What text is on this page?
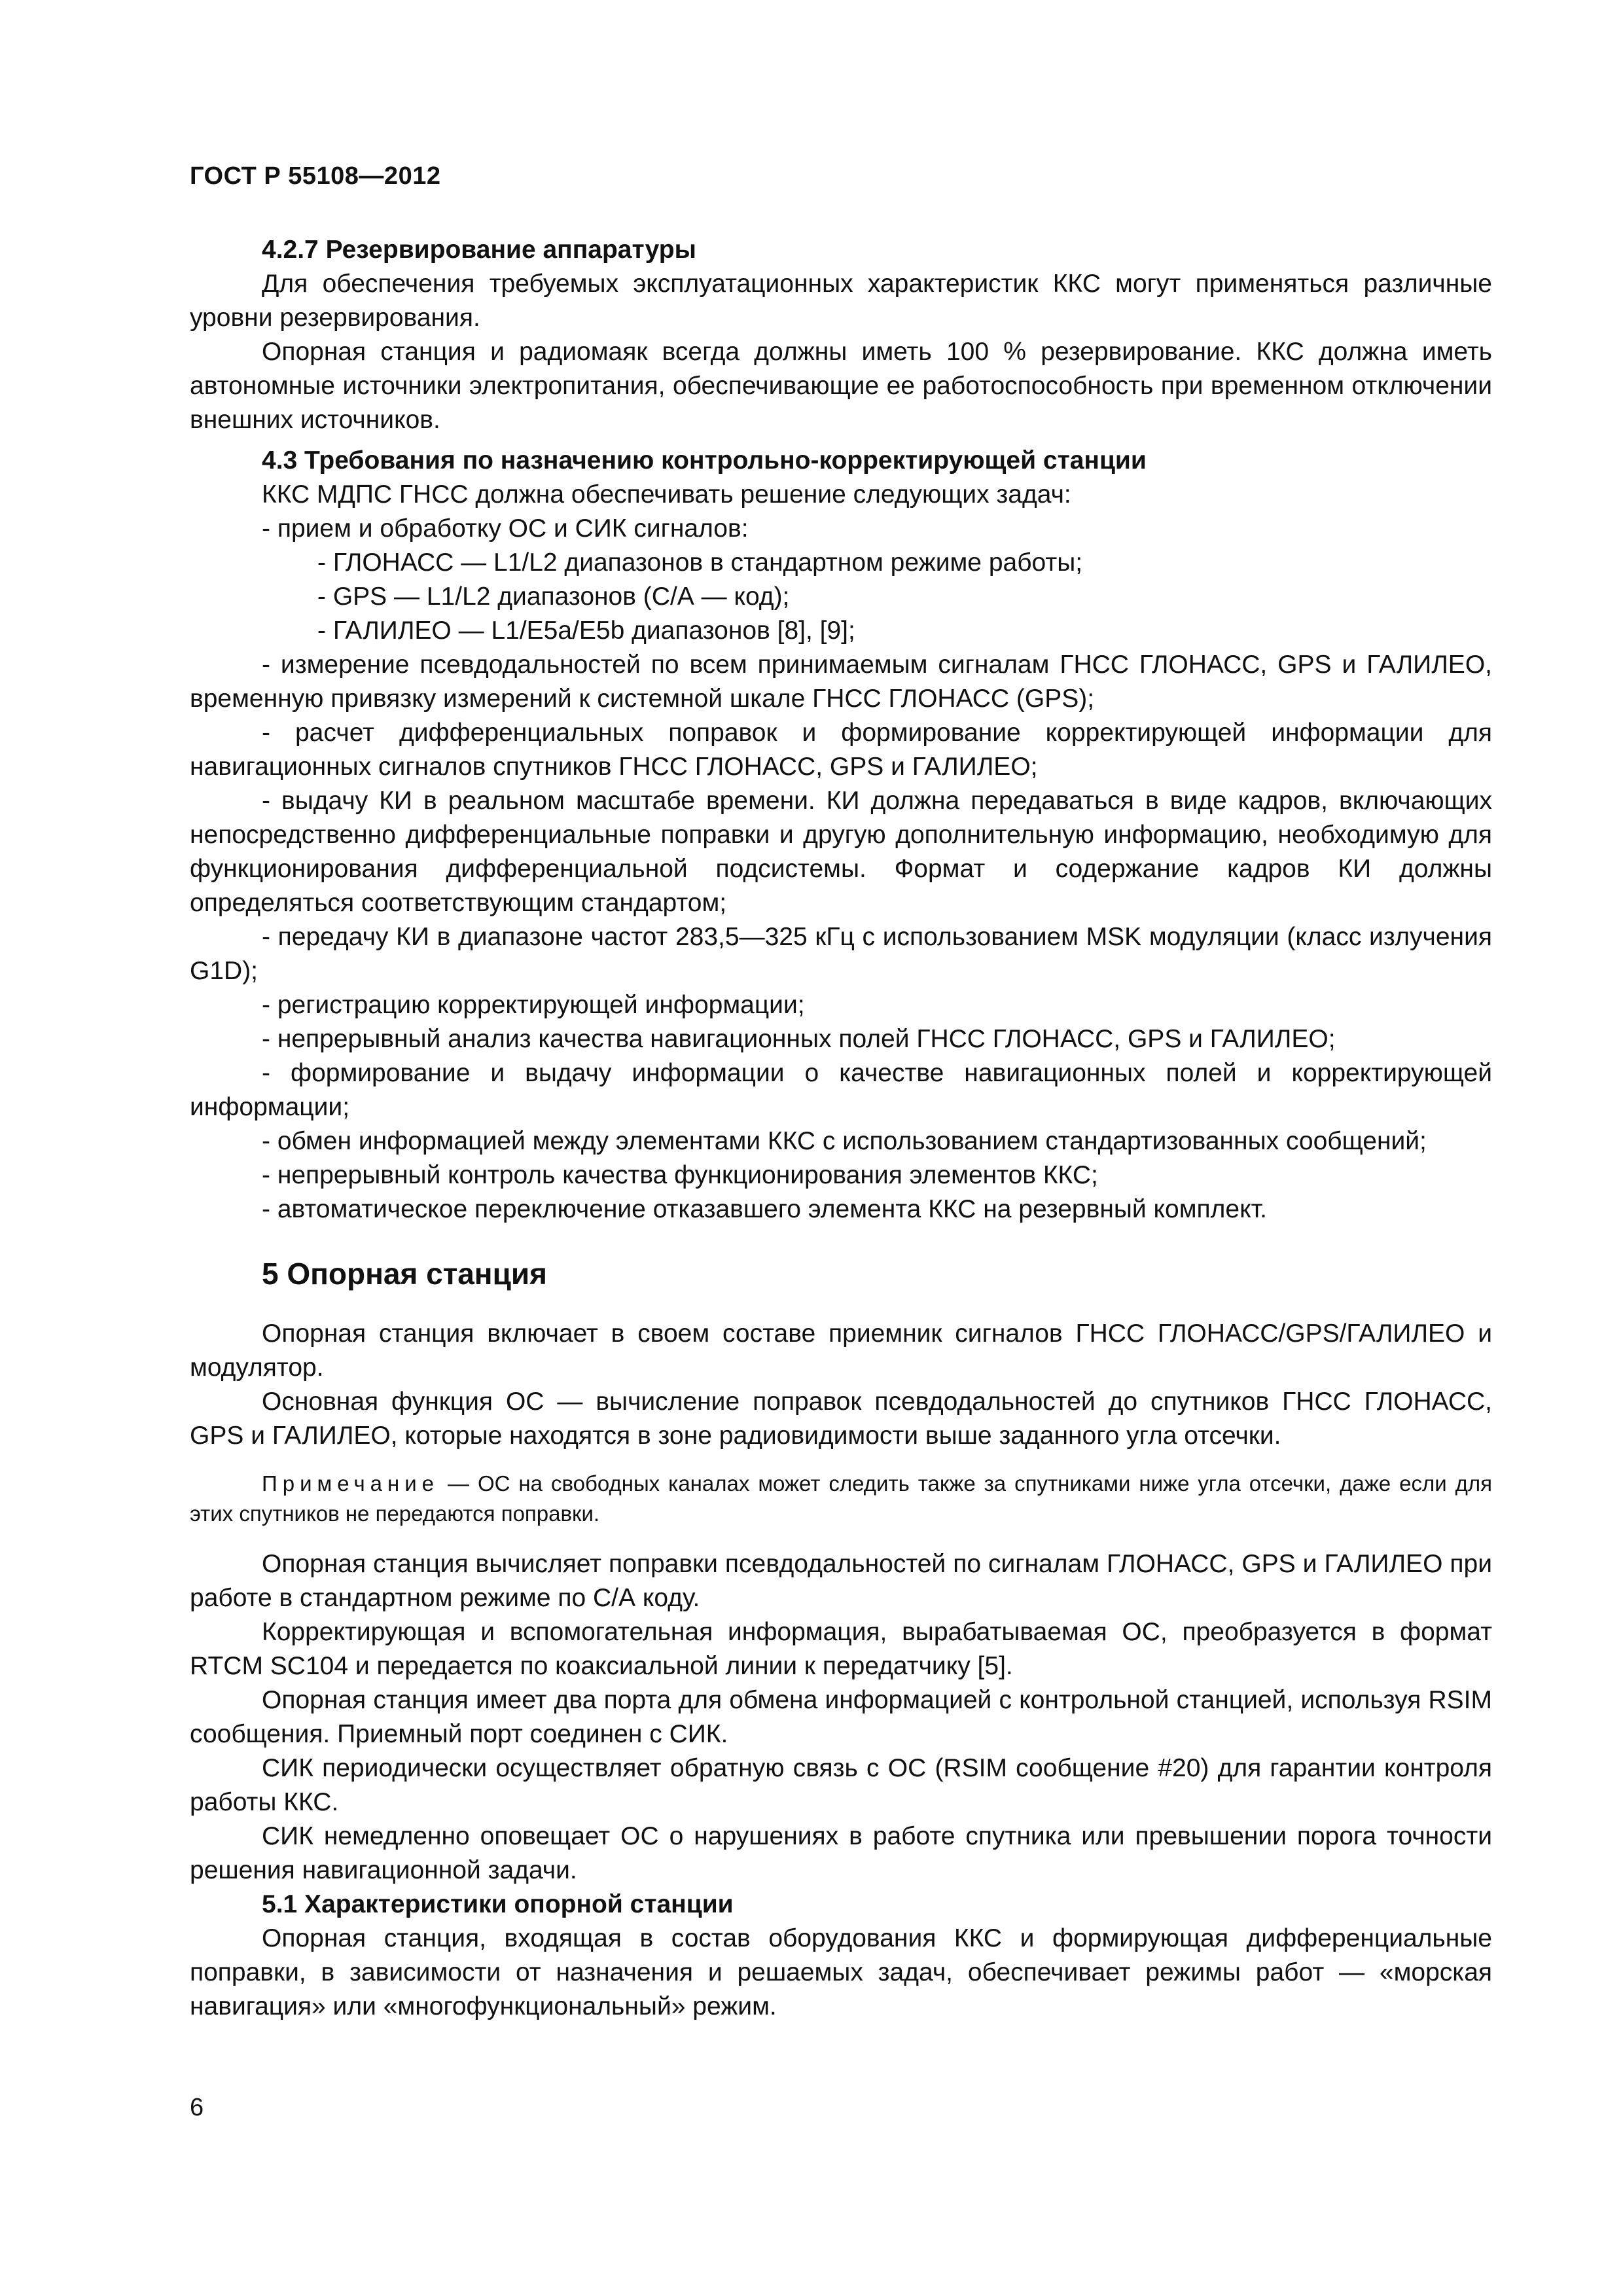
ГОСТ Р 55108—2012
4.2.7 Резервирование аппаратуры
Для обеспечения требуемых эксплуатационных характеристик ККС могут применяться различные уровни резервирования.
Опорная станция и радиомаяк всегда должны иметь 100 % резервирование. ККС должна иметь автономные источники электропитания, обеспечивающие ее работоспособность при временном отключении внешних источников.
4.3 Требования по назначению контрольно-корректирующей станции
ККС МДПС ГНСС должна обеспечивать решение следующих задач:
- прием и обработку ОС и СИК сигналов:
- ГЛОНАСС — L1/L2 диапазонов в стандартном режиме работы;
- GPS — L1/L2 диапазонов (С/А — код);
- ГАЛИЛЕО — L1/E5a/E5b диапазонов [8], [9];
- измерение псевдодальностей по всем принимаемым сигналам ГНСС ГЛОНАСС, GPS и ГАЛИЛЕО, временную привязку измерений к системной шкале ГНСС ГЛОНАСС (GPS);
- расчет дифференциальных поправок и формирование корректирующей информации для навигационных сигналов спутников ГНСС ГЛОНАСС, GPS и ГАЛИЛЕО;
- выдачу КИ в реальном масштабе времени. КИ должна передаваться в виде кадров, включающих непосредственно дифференциальные поправки и другую дополнительную информацию, необходимую для функционирования дифференциальной подсистемы. Формат и содержание кадров КИ должны определяться соответствующим стандартом;
- передачу КИ в диапазоне частот 283,5—325 кГц с использованием MSK модуляции (класс излучения G1D);
- регистрацию корректирующей информации;
- непрерывный анализ качества навигационных полей ГНСС ГЛОНАСС, GPS и ГАЛИЛЕО;
- формирование и выдачу информации о качестве навигационных полей и корректирующей информации;
- обмен информацией между элементами ККС с использованием стандартизованных сообщений;
- непрерывный контроль качества функционирования элементов ККС;
- автоматическое переключение отказавшего элемента ККС на резервный комплект.
5 Опорная станция
Опорная станция включает в своем составе приемник сигналов ГНСС ГЛОНАСС/GPS/ГАЛИЛЕО и модулятор.
Основная функция ОС — вычисление поправок псевдодальностей до спутников ГНСС ГЛОНАСС, GPS и ГАЛИЛЕО, которые находятся в зоне радиовидимости выше заданного угла отсечки.
Примечание — ОС на свободных каналах может следить также за спутниками ниже угла отсечки, даже если для этих спутников не передаются поправки.
Опорная станция вычисляет поправки псевдодальностей по сигналам ГЛОНАСС, GPS и ГАЛИЛЕО при работе в стандартном режиме по С/А коду.
Корректирующая и вспомогательная информация, вырабатываемая ОС, преобразуется в формат RTCM SC104 и передается по коаксиальной линии к передатчику [5].
Опорная станция имеет два порта для обмена информацией с контрольной станцией, используя RSIM сообщения. Приемный порт соединен с СИК.
СИК периодически осуществляет обратную связь с ОС (RSIM сообщение #20) для гарантии контроля работы ККС.
СИК немедленно оповещает ОС о нарушениях в работе спутника или превышении порога точности решения навигационной задачи.
5.1 Характеристики опорной станции
Опорная станция, входящая в состав оборудования ККС и формирующая дифференциальные поправки, в зависимости от назначения и решаемых задач, обеспечивает режимы работ — «морская навигация» или «многофункциональный» режим.
6
